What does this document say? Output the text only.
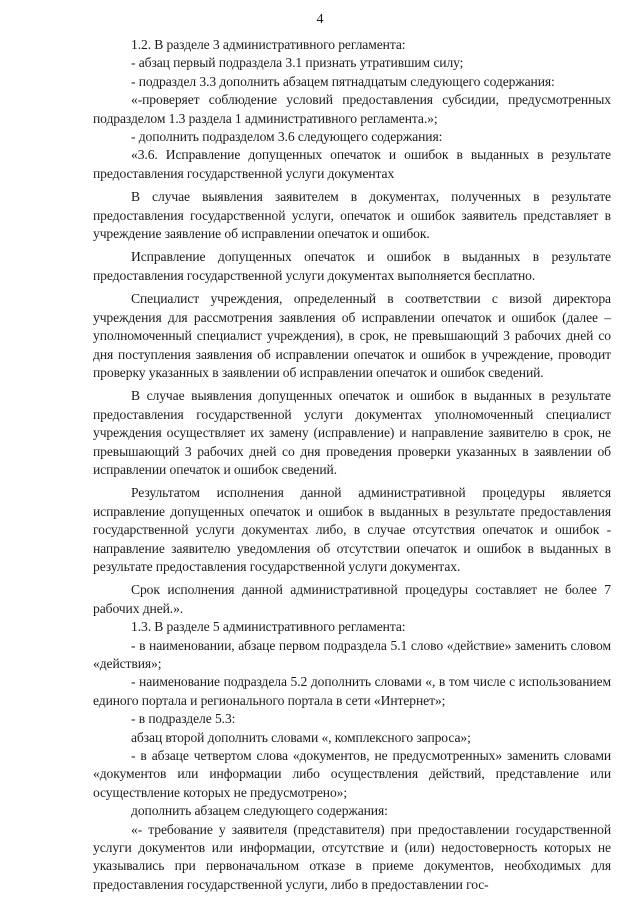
4

1.2. В разделе 3 административного регламента:

- абзац первый подраздела 3.1 признать утратившим силу;

- подраздел 3.3 дополнить абзацем пятнадцатым следующего содержания:

«-проверяет соблюдение условий предоставления субсидии, предусмотренных подразделом 1.3 раздела 1 административного регламента.»;

- дополнить подразделом 3.6 следующего содержания:

«3.6. Исправление допущенных опечаток и ошибок в выданных в результате предоставления государственной услуги документах

В случае выявления заявителем в документах, полученных в результате предоставления государственной услуги, опечаток и ошибок заявитель представляет в учреждение заявление об исправлении опечаток и ошибок.

Исправление допущенных опечаток и ошибок в выданных в результате предоставления государственной услуги документах выполняется бесплатно.

Специалист учреждения, определенный в соответствии с визой директора учреждения для рассмотрения заявления об исправлении опечаток и ошибок (далее – уполномоченный специалист учреждения), в срок, не превышающий 3 рабочих дней со дня поступления заявления об исправлении опечаток и ошибок в учреждение, проводит проверку указанных в заявлении об исправлении опечаток и ошибок сведений.

В случае выявления допущенных опечаток и ошибок в выданных в результате предоставления государственной услуги документах уполномоченный специалист учреждения осуществляет их замену (исправление) и направление заявителю в срок, не превышающий 3 рабочих дней со дня проведения проверки указанных в заявлении об исправлении опечаток и ошибок сведений.

Результатом исполнения данной административной процедуры является исправление допущенных опечаток и ошибок в выданных в результате предоставления государственной услуги документах либо, в случае отсутствия опечаток и ошибок - направление заявителю уведомления об отсутствии опечаток и ошибок в выданных в результате предоставления государственной услуги документах.

Срок исполнения данной административной процедуры составляет не более 7 рабочих дней.».

1.3. В разделе 5 административного регламента:

- в наименовании, абзаце первом подраздела 5.1 слово «действие» заменить словом «действия»;

- наименование подраздела 5.2 дополнить словами «, в том числе с использованием единого портала и регионального портала в сети «Интернет»;

- в подразделе 5.3:

абзац второй дополнить словами «, комплексного запроса»;

- в абзаце четвертом слова «документов, не предусмотренных» заменить словами «документов или информации либо осуществления действий, представление или осуществление которых не предусмотрено»;

дополнить абзацем следующего содержания:

«- требование у заявителя (представителя) при предоставлении государственной услуги документов или информации, отсутствие и (или) недостоверность которых не указывались при первоначальном отказе в приеме документов, необходимых для предоставления государственной услуги, либо в предоставлении гос-
